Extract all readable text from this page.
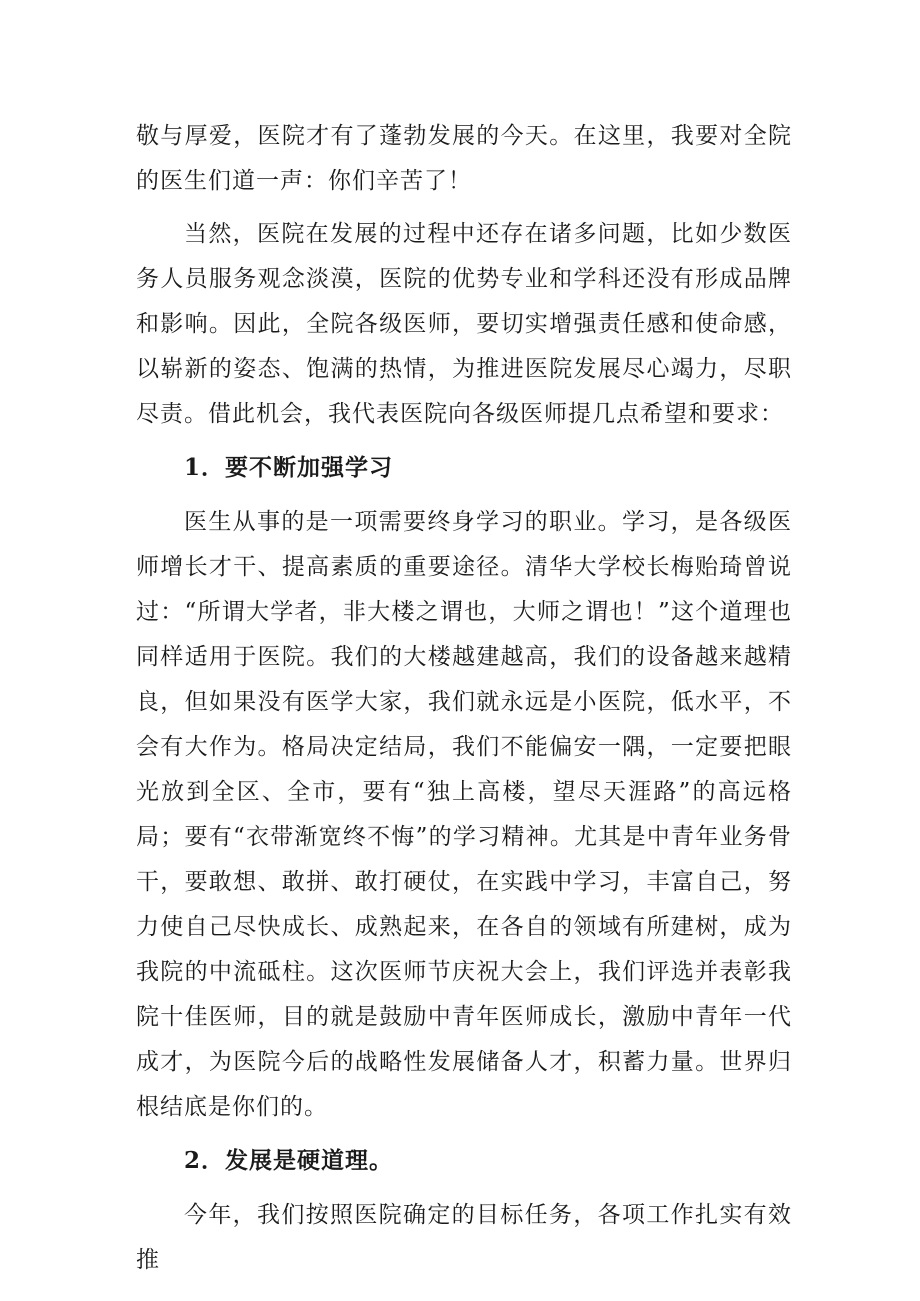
敬与厚爱，医院才有了蓬勃发展的今天。在这里，我要对全院的医生们道一声：你们辛苦了！

当然，医院在发展的过程中还存在诸多问题，比如少数医务人员服务观念淡漠，医院的优势专业和学科还没有形成品牌和影响。因此，全院各级医师，要切实增强责任感和使命感，以崭新的姿态、饱满的热情，为推进医院发展尽心竭力，尽职尽责。借此机会，我代表医院向各级医师提几点希望和要求：

1．要不断加强学习

医生从事的是一项需要终身学习的职业。学习，是各级医师增长才干、提高素质的重要途径。清华大学校长梅贻琦曾说过：“所谓大学者，非大楼之谓也，大师之谓也！”这个道理也同样适用于医院。我们的大楼越建越高，我们的设备越来越精良，但如果没有医学大家，我们就永远是小医院，低水平，不会有大作为。格局决定结局，我们不能偏安一隅，一定要把眼光放到全区、全市，要有“独上高楼，望尽天涯路”的高远格局；要有“衣带渐宽终不悔”的学习精神。尤其是中青年业务骨干，要敢想、敢拼、敢打硬仗，在实践中学习，丰富自己，努力使自己尽快成长、成熟起来，在各自的领域有所建树，成为我院的中流砥柱。这次医师节庆祝大会上，我们评选并表彰我院十佳医师，目的就是鼓励中青年医师成长，激励中青年一代成才，为医院今后的战略性发展储备人才，积蓄力量。世界归根结底是你们的。

2．发展是硬道理。

今年，我们按照医院确定的目标任务，各项工作扎实有效推
